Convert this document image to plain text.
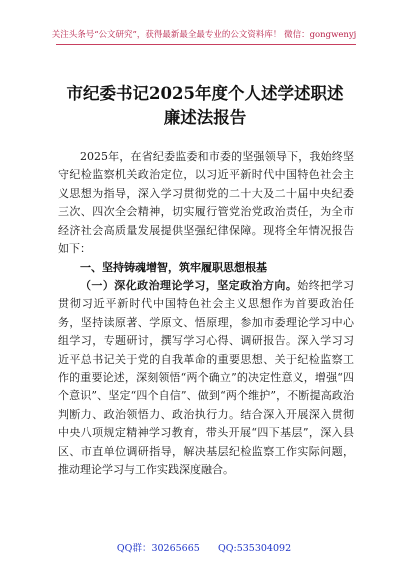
关注头条号“公文研究”，获得最新最全最专业的公文资料库！ 微信：gongwenyj
市纪委书记2025年度个人述学述职述廉述法报告
2025年，在省纪委监委和市委的坚强领导下，我始终坚守纪检监察机关政治定位，以习近平新时代中国特色社会主义思想为指导，深入学习贯彻党的二十大及二十届中央纪委三次、四次全会精神，切实履行管党治党政治责任，为全市经济社会高质量发展提供坚强纪律保障。现将全年情况报告如下：
一、坚持铸魂增智，筑牢履职思想根基
（一）深化政治理论学习，坚定政治方向。始终把学习贯彻习近平新时代中国特色社会主义思想作为首要政治任务，坚持读原著、学原文、悟原理，参加市委理论学习中心组学习，专题研讨，撰写学习心得、调研报告。深入学习习近平总书记关于党的自我革命的重要思想、关于纪检监察工作的重要论述，深刻领悟“两个确立”的决定性意义，增强“四个意识”、坚定“四个自信”、做到“两个维护”，不断提高政治判断力、政治领悟力、政治执行力。结合深入开展深入贯彻中央八项规定精神学习教育，带头开展“四下基层”，深入县区、市直单位调研指导，解决基层纪检监察工作实际问题，推动理论学习与工作实践深度融合。
QQ群：30265665 QQ:535304092
